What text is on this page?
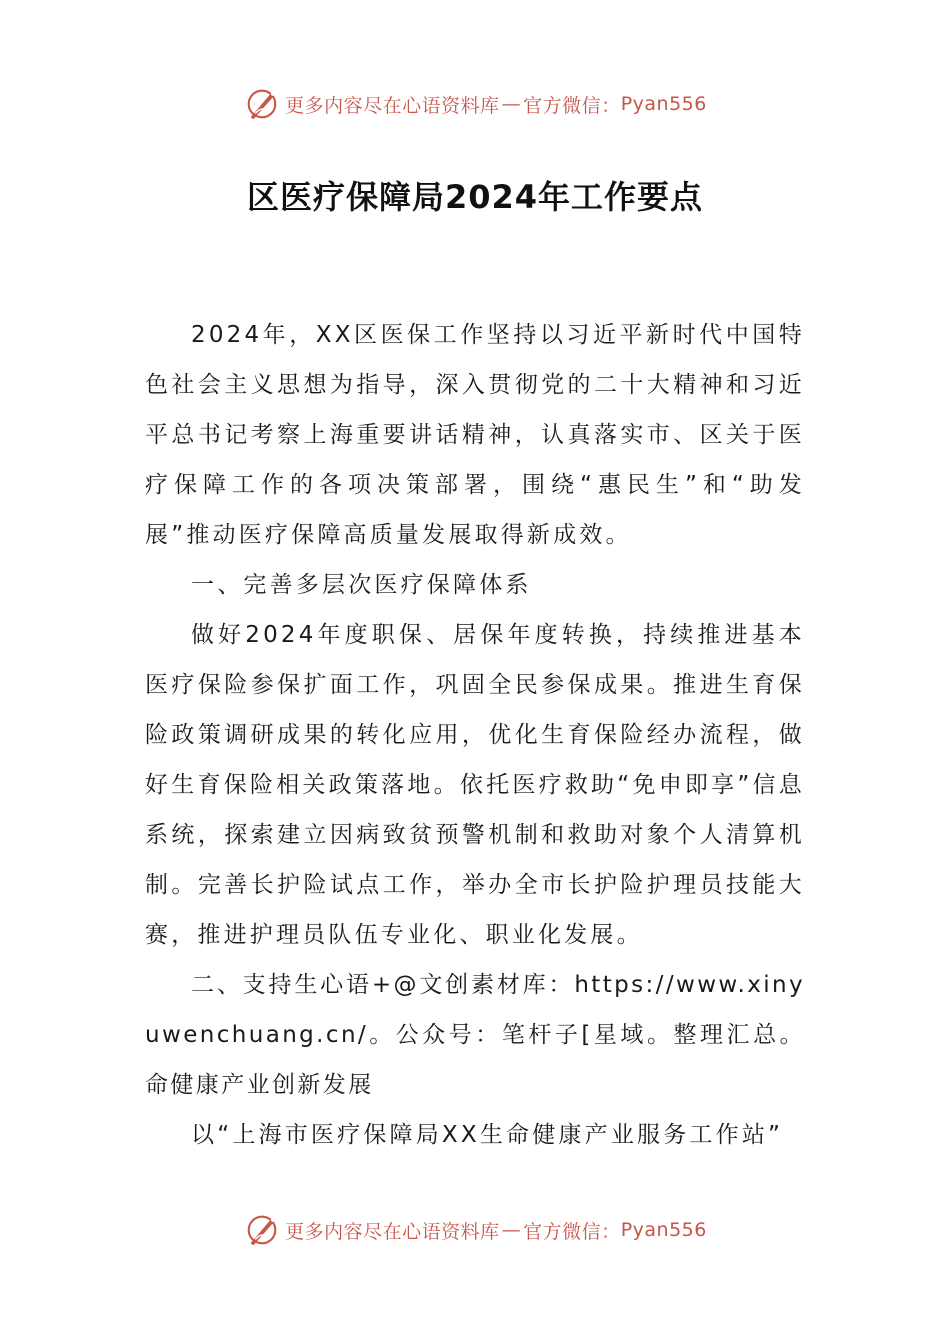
更多内容尽在心语资料库 — 官方微信： Pyan556
区医疗保障局2024年工作要点

2024年，XX区医保工作坚持以习近平新时代中国特色社会主义思想为指导，深入贯彻党的二十大精神和习近平总书记考察上海重要讲话精神，认真落实市、区关于医疗保障工作的各项决策部署，围绕“惠民生”和“助发展”推动医疗保障高质量发展取得新成效。

一、完善多层次医疗保障体系

做好2024年度职保、居保年度转换，持续推进基本医疗保险参保扩面工作，巩固全民参保成果。推进生育保险政策调研成果的转化应用，优化生育保险经办流程，做好生育保险相关政策落地。依托医疗救助“免申即享”信息系统，探索建立因病致贫预警机制和救助对象个人清算机制。完善长护险试点工作，举办全市长护险护理员技能大赛，推进护理员队伍专业化、职业化发展。

二、支持生心语+@文创素材库：https://www.xinyuwenchuang.cn/。公众号：笔杆子[星域。整理汇总。命健康产业创新发展

以“上海市医疗保障局XX生命健康产业服务工作站”

更多内容尽在心语资料库 — 官方微信： Pyan556
